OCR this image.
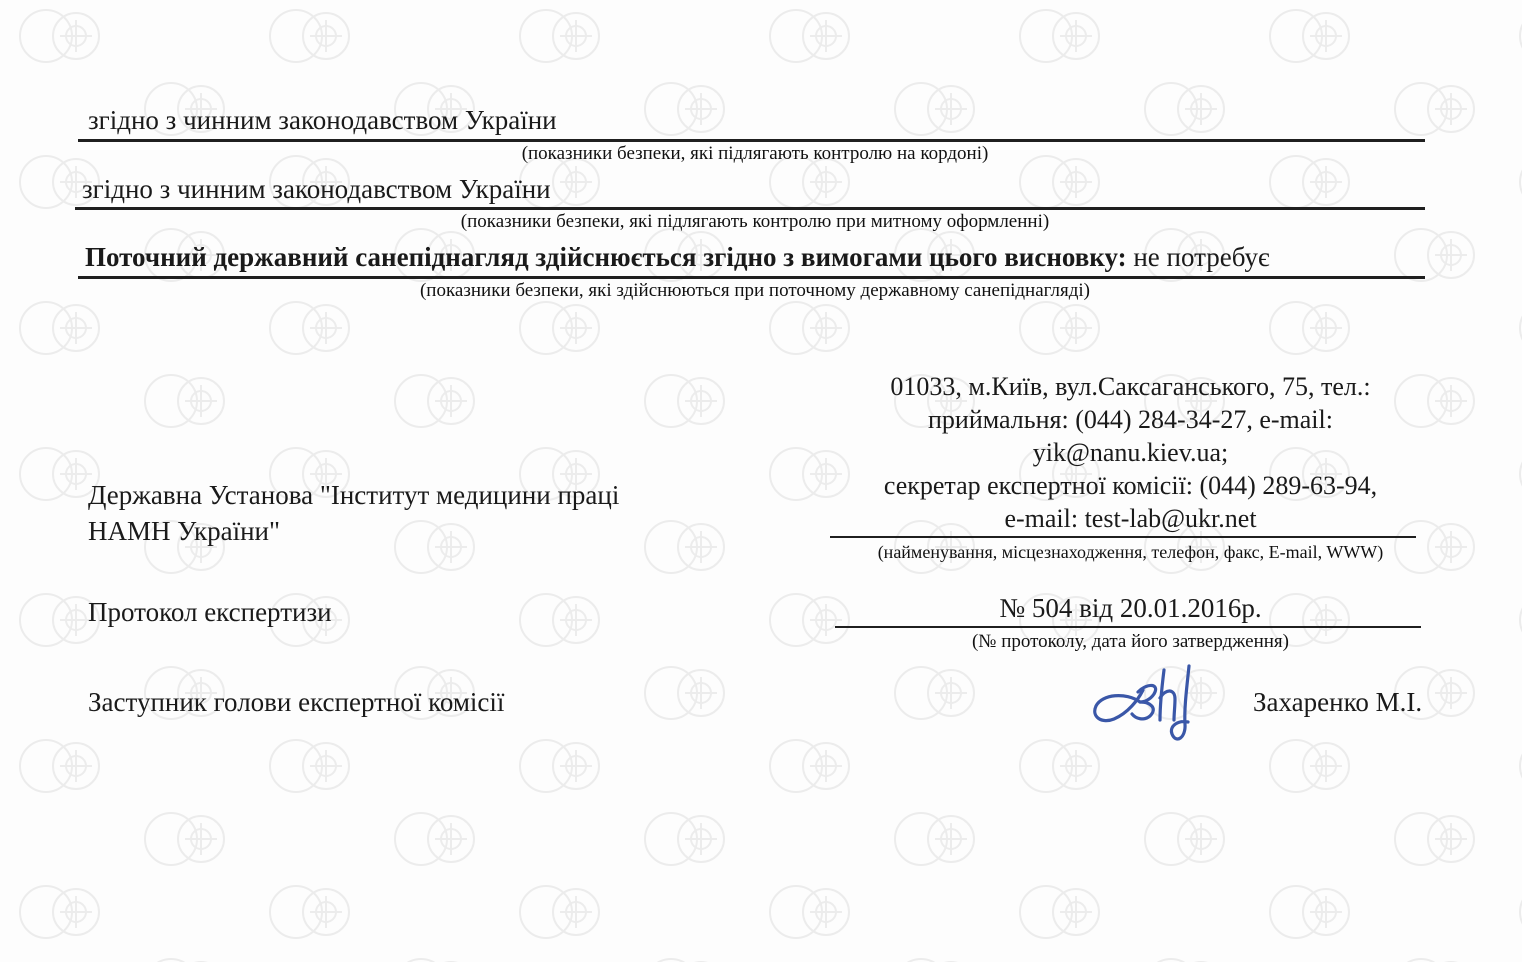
згідно з чинним законодавством України
(показники безпеки, які підлягають контролю на кордоні)
згідно з чинним законодавством України
(показники безпеки, які підлягають контролю при митному оформленні)
Поточний державний санепіднагляд здійснюється згідно з вимогами цього висновку: не потребує
(показники безпеки, які здійснюються при поточному державному санепіднагляді)
Державна Установа "Інститут медицини праці НАМН України"
01033, м.Київ, вул.Саксаганського, 75, тел.:
приймальня: (044) 284-34-27, e-mail:
yik@nanu.kiev.ua;
секретар експертної комісії: (044) 289-63-94,
e-mail: test-lab@ukr.net
(найменування, місцезнаходження, телефон, факс, E-mail, WWW)
Протокол експертизи	№ 504 від 20.01.2016р.
(№ протоколу, дата його затвердження)
Заступник голови експертної комісії	Захаренко М.І.
